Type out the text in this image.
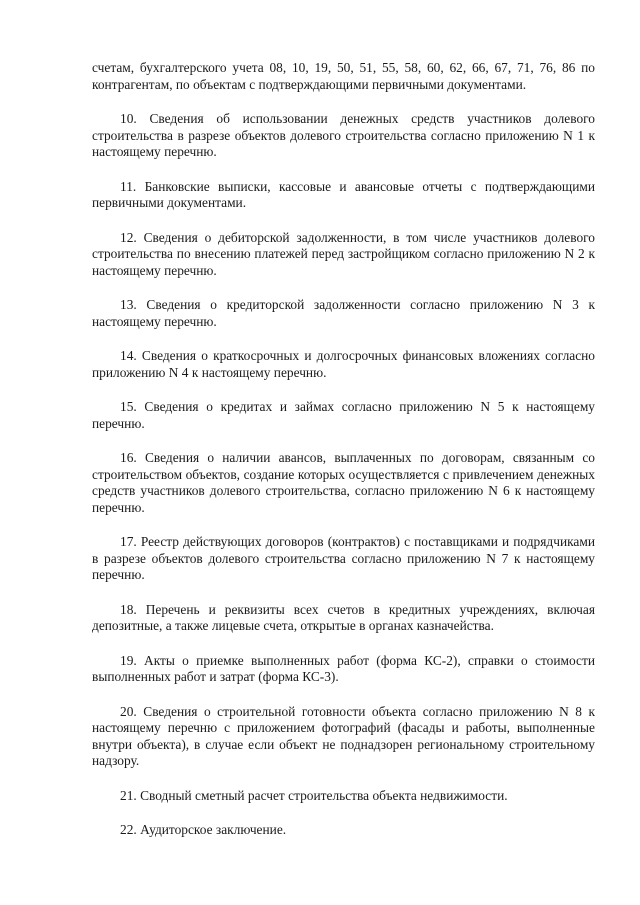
счетам, бухгалтерского учета 08, 10, 19, 50, 51, 55, 58, 60, 62, 66, 67, 71, 76, 86 по контрагентам, по объектам с подтверждающими первичными документами.

10. Сведения об использовании денежных средств участников долевого строительства в разрезе объектов долевого строительства согласно приложению N 1 к настоящему перечню.

11. Банковские выписки, кассовые и авансовые отчеты с подтверждающими первичными документами.

12. Сведения о дебиторской задолженности, в том числе участников долевого строительства по внесению платежей перед застройщиком согласно приложению N 2 к настоящему перечню.

13. Сведения о кредиторской задолженности согласно приложению N 3 к настоящему перечню.

14. Сведения о краткосрочных и долгосрочных финансовых вложениях согласно приложению N 4 к настоящему перечню.

15. Сведения о кредитах и займах согласно приложению N 5 к настоящему перечню.

16. Сведения о наличии авансов, выплаченных по договорам, связанным со строительством объектов, создание которых осуществляется с привлечением денежных средств участников долевого строительства, согласно приложению N 6 к настоящему перечню.

17. Реестр действующих договоров (контрактов) с поставщиками и подрядчиками в разрезе объектов долевого строительства согласно приложению N 7 к настоящему перечню.

18. Перечень и реквизиты всех счетов в кредитных учреждениях, включая депозитные, а также лицевые счета, открытые в органах казначейства.

19. Акты о приемке выполненных работ (форма КС-2), справки о стоимости выполненных работ и затрат (форма КС-3).

20. Сведения о строительной готовности объекта согласно приложению N 8 к настоящему перечню с приложением фотографий (фасады и работы, выполненные внутри объекта), в случае если объект не поднадзорен региональному строительному надзору.

21. Сводный сметный расчет строительства объекта недвижимости.

22. Аудиторское заключение.
